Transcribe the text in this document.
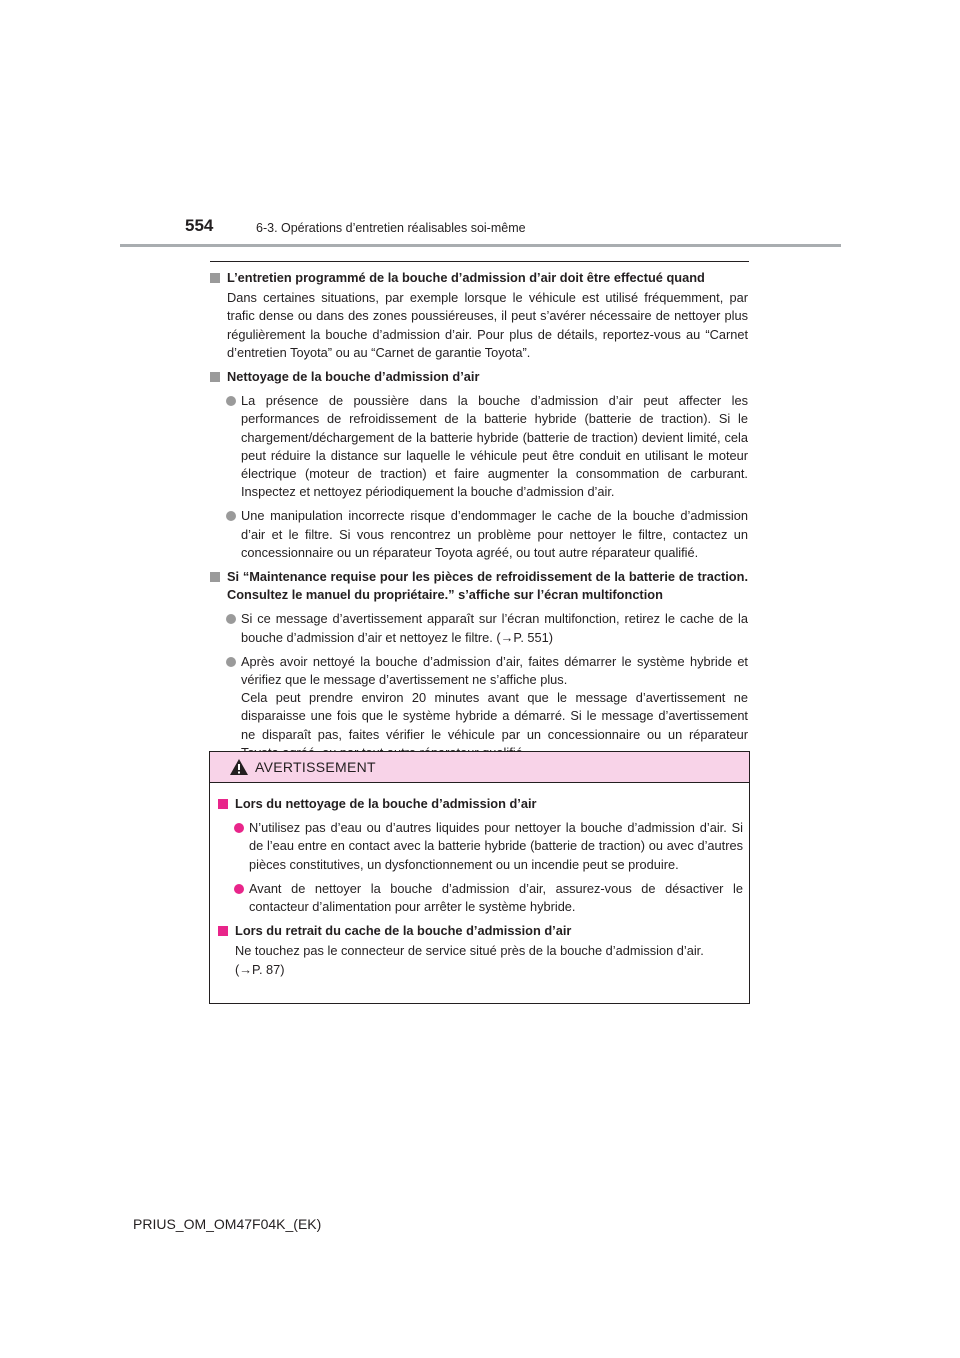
554	6-3. Opérations d’entretien réalisables soi-même
L’entretien programmé de la bouche d’admission d’air doit être effectué quand
Dans certaines situations, par exemple lorsque le véhicule est utilisé fréquemment, par trafic dense ou dans des zones poussiéreuses, il peut s’avérer nécessaire de nettoyer plus régulièrement la bouche d’admission d’air. Pour plus de détails, reportez-vous au “Carnet d’entretien Toyota” ou au “Carnet de garantie Toyota”.
Nettoyage de la bouche d’admission d’air
La présence de poussière dans la bouche d’admission d’air peut affecter les performances de refroidissement de la batterie hybride (batterie de traction). Si le chargement/déchargement de la batterie hybride (batterie de traction) devient limité, cela peut réduire la distance sur laquelle le véhicule peut être conduit en utilisant le moteur électrique (moteur de traction) et faire augmenter la consommation de carburant. Inspectez et nettoyez périodiquement la bouche d’admission d’air.
Une manipulation incorrecte risque d’endommager le cache de la bouche d’admission d’air et le filtre. Si vous rencontrez un problème pour nettoyer le filtre, contactez un concessionnaire ou un réparateur Toyota agréé, ou tout autre réparateur qualifié.
Si “Maintenance requise pour les pièces de refroidissement de la batterie de traction. Consultez le manuel du propriétaire.” s’affiche sur l’écran multifonction
Si ce message d’avertissement apparaît sur l’écran multifonction, retirez le cache de la bouche d’admission d’air et nettoyez le filtre. (→P. 551)
Après avoir nettoyé la bouche d’admission d’air, faites démarrer le système hybride et vérifiez que le message d’avertissement ne s’affiche plus.
Cela peut prendre environ 20 minutes avant que le message d’avertissement ne disparaisse une fois que le système hybride a démarré. Si le message d’avertissement ne disparaît pas, faites vérifier le véhicule par un concessionnaire ou un réparateur
AVERTISSEMENT
Lors du nettoyage de la bouche d’admission d’air
N’utilisez pas d’eau ou d’autres liquides pour nettoyer la bouche d’admission d’air. Si de l’eau entre en contact avec la batterie hybride (batterie de traction) ou avec d’autres pièces constitutives, un dysfonctionnement ou un incendie peut se produire.
Avant de nettoyer la bouche d’admission d’air, assurez-vous de désactiver le contacteur d’alimentation pour arrêter le système hybride.
Lors du retrait du cache de la bouche d’admission d’air
Ne touchez pas le connecteur de service situé près de la bouche d’admission d’air.
(→P. 87)
PRIUS_OM_OM47F04K_(EK)
